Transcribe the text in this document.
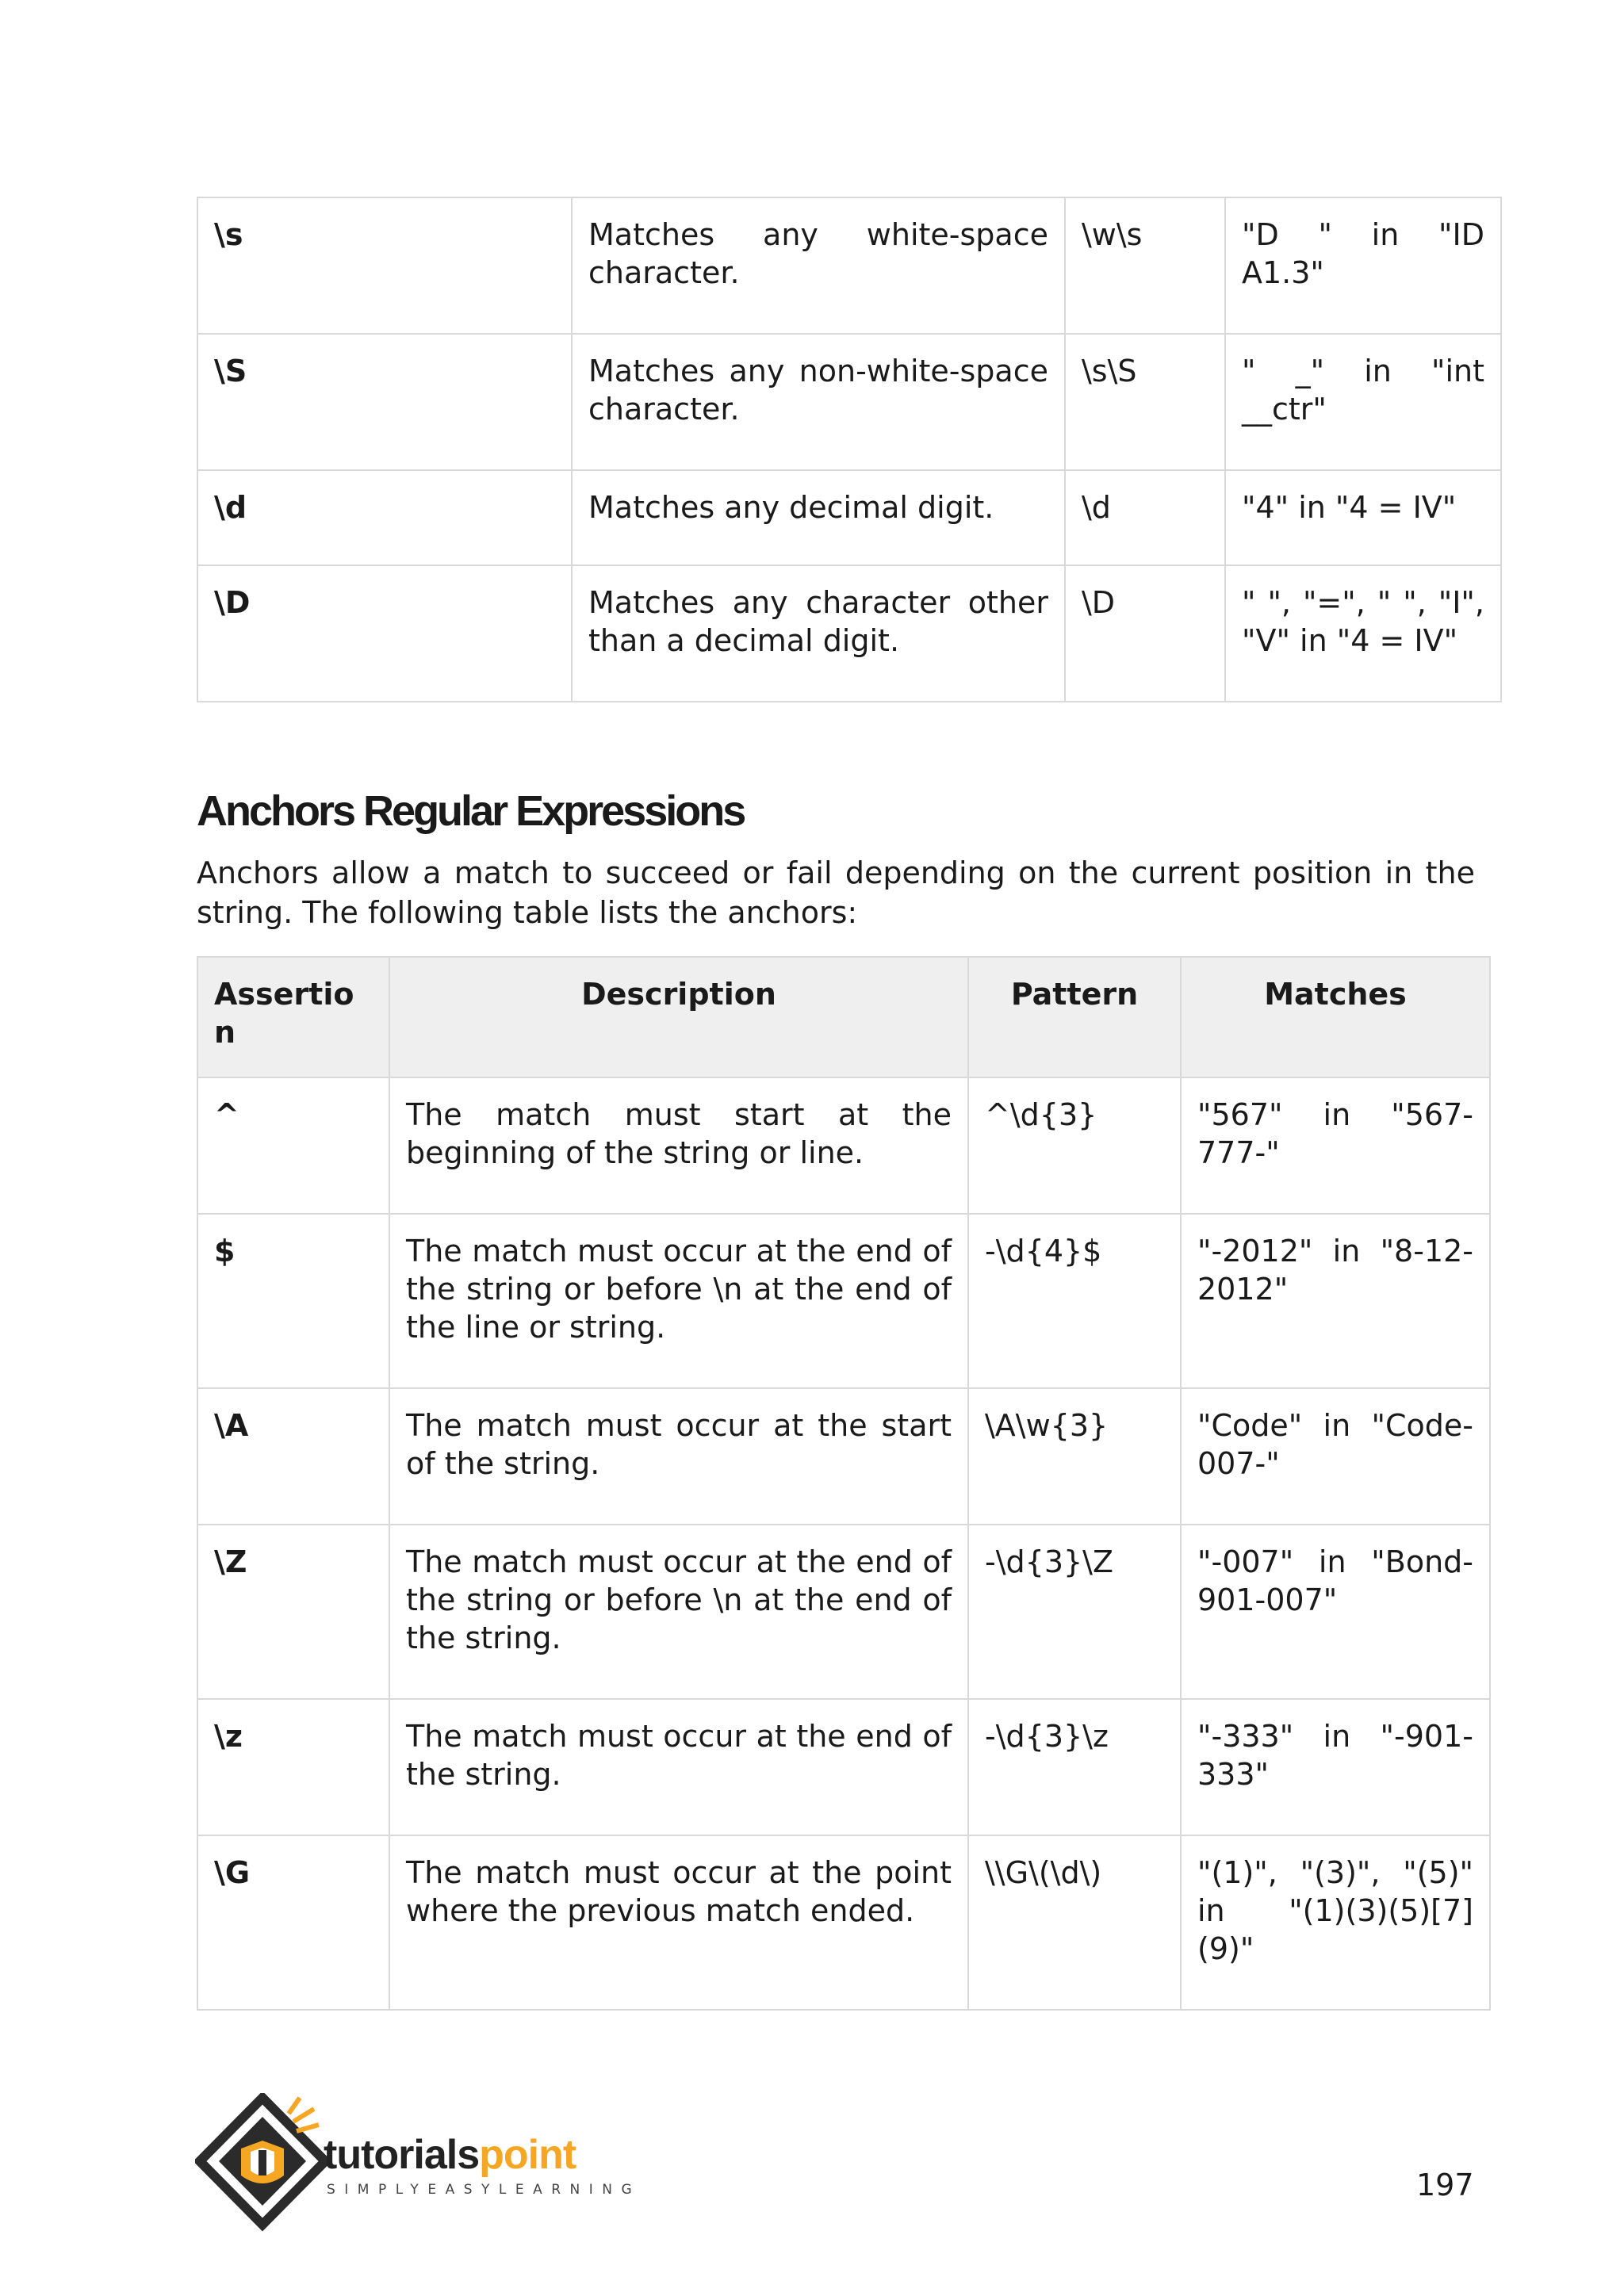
\s	Matches any white-space character.	\w\s	"D " in "ID A1.3"
\S	Matches any non-white-space character.	\s\S	" _" in "int __ctr"
\d	Matches any decimal digit.	\d	"4" in "4 = IV"
\D	Matches any character other than a decimal digit.	\D	" ", "=", " ", "I", "V" in "4 = IV"
Anchors Regular Expressions

Anchors allow a match to succeed or fail depending on the current position in the string. The following table lists the anchors:

Assertion	Description	Pattern	Matches
^	The match must start at the beginning of the string or line.	^\d{3}	"567" in "567-777-"
$	The match must occur at the end of the string or before \n at the end of the line or string.	-\d{4}$	"-2012" in "8-12-2012"
\A	The match must occur at the start of the string.	\A\w{3}	"Code" in "Code-007-"
\Z	The match must occur at the end of the string or before \n at the end of the string.	-\d{3}\Z	"-007" in "Bond-901-007"
\z	The match must occur at the end of the string.	-\d{3}\z	"-333" in "-901-333"
\G	The match must occur at the point where the previous match ended.	\\G\(\d\)	"(1)", "(3)", "(5)" in "(1)(3)(5)[7](9)"
tutorialspoint
SIMPLYEASYLEARNING	197
